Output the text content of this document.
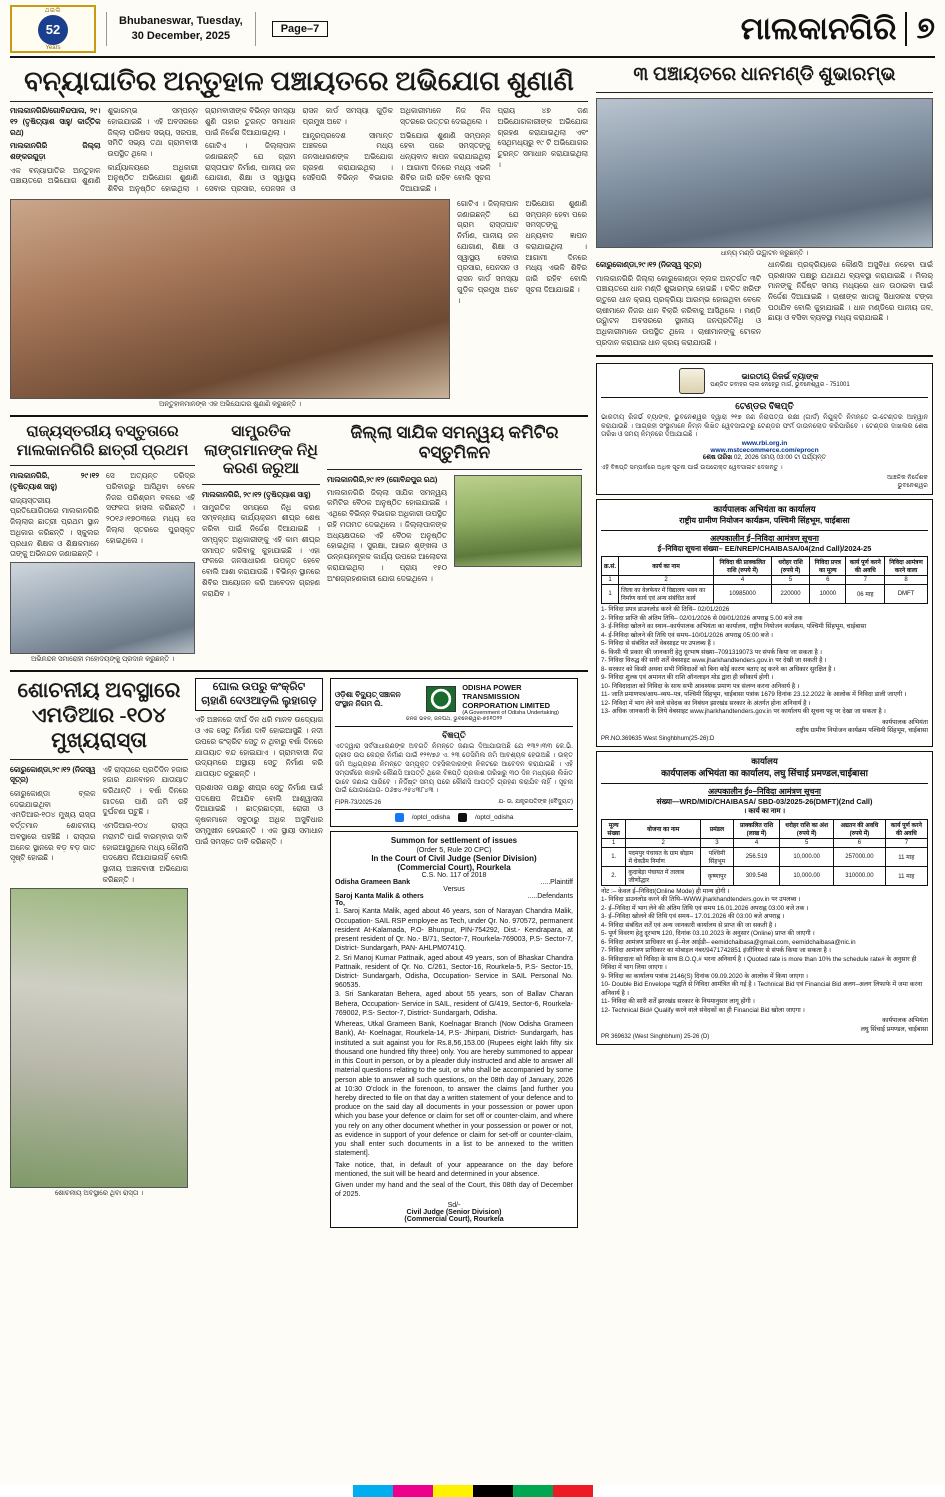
ଥଇଲି
52
Years
Bhubaneswar, Tuesday,
30 December, 2025
Page–7	ମାଲକାନଗିରି ୭
ବନ୍ୟାଘାତିର ଅନ୍ତୁହାଳ ପଞ୍ଚାୟତରେ ଅଭିଯୋଗ ଶୁଣାଣି

ମାଲକାନଗିରି/ଗୋବିନ୍ଦପାଲ, ୨୯।୧୨ (ତୃଷିତ୍ୟାଶ ସାହୁ/ କାର୍ତ୍ତିକ ରଥ)

ମାଲକାନଗିରି ଜିଲ୍ଲା ଶଙ୍କରଗୁଡ଼ା

ଏକ ବନ୍ୟାଘାତିର ଅନ୍ତୁହାଳ ପଞ୍ଚାୟତରେ ଅଭିଯୋଗ ଶୁଣାଣି ଶୁଭାରମ୍ଭ ସମ୍ପନ୍ନ ହୋଇଯାଇଛି । ଏହି ଅବସରରେ ଜିଲ୍ଲା ପରିଷଦ ସଭ୍ୟ, ସରପଞ୍ଚ, ସମିତି ସଭ୍ୟ ତଥା ଗ୍ରାମବାସୀ ଉପସ୍ଥିତ ଥିଲେ ।

କାର୍ଯ୍ୟାଳୟରେ ଅଧିକାରୀ ଅନୁଷ୍ଠିତ ଅଭିଯୋଗ ଶୁଣାଣି ଶିବିର ଅନୁଷ୍ଠିତ ହୋଇଥିଲା । ଗ୍ରାମବାସୀଙ୍କ ବିଭିନ୍ନ ସମସ୍ୟା ଶୁଣି ତାହାର ତୁରନ୍ତ ସମାଧାନ ପାଇଁ ନିର୍ଦ୍ଦେଶ ଦିଆଯାଇଥିଲା ।

ଗୋଟିଏ । ଜିଲ୍ଲାପାଳ ଜଣାଇଛନ୍ତି ଯେ ଗ୍ରାମ ରାସ୍ତାଘାଟ ନିର୍ମାଣ, ପାନୀୟ ଜଳ ଯୋଗାଣ, ଶିକ୍ଷା ଓ ସ୍ୱାସ୍ଥ୍ୟ ସେବାର ପ୍ରସାର, ପେନସନ ଓ ରାସନ କାର୍ଡ ସମସ୍ୟା ଗୁଡ଼ିକ ପ୍ରମୁଖ ଅଟେ ।

ଆନ୍ଧ୍ରପ୍ରଦେଶ ସୀମାନ୍ତ ଅଞ୍ଚଳରେ ମଧ୍ୟ ଜନସାଧାରଣଙ୍କ ଅଭିଯୋଗ ଗ୍ରହଣ କରାଯାଇଥିଲା । ସେହିପରି ବିଭିନ୍ନ ବିଭାଗର ଅଧିକାରୀମାନେ ନିଜ ନିଜ ସ୍ତରରେ ଉତ୍ତର ଦେଇଥିଲେ ।

ଅଭିଯୋଗ ଶୁଣାଣି ସମ୍ପନ୍ନ ହେବା ପରେ ସମସ୍ତଙ୍କୁ ଧନ୍ୟବାଦ ଜ୍ଞାପନ କରାଯାଇଥିଲା । ଆଗାମୀ ଦିନରେ ମଧ୍ୟ ଏଭଳି ଶିବିର ଜାରି ରହିବ ବୋଲି ସୂଚନା ଦିଆଯାଇଛି ।

ପ୍ରାୟ ୪୭ ଜଣ ଅଭିଯୋଗକାରୀଙ୍କ ଅଭିଯୋଗ ଗ୍ରହଣ କରାଯାଇଥିଲା ଏବଂ ସେଥିମଧ୍ୟରୁ ୧୯ ଟି ଅଭିଯୋଗର ତୁରନ୍ତ ସମାଧାନ କରାଯାଇଥିଲା ।

ଅନ୍ତୁହାଳମାନଙ୍କ ଏକ ଅଭିଯୋଗର ଶୁଣାଣି କରୁଛନ୍ତି ।

ଗୋଟିଏ । ଜିଲ୍ଲାପାଳ ଜଣାଇଛନ୍ତି ଯେ ଗ୍ରାମ ରାସ୍ତାଘାଟ ନିର୍ମାଣ, ପାନୀୟ ଜଳ ଯୋଗାଣ, ଶିକ୍ଷା ଓ ସ୍ୱାସ୍ଥ୍ୟ ସେବାର ପ୍ରସାର, ପେନସନ ଓ ରାସନ କାର୍ଡ ସମସ୍ୟା ଗୁଡ଼ିକ ପ୍ରମୁଖ ଅଟେ ।

ଅଭିଯୋଗ ଶୁଣାଣି ସମ୍ପନ୍ନ ହେବା ପରେ ସମସ୍ତଙ୍କୁ ଧନ୍ୟବାଦ ଜ୍ଞାପନ କରାଯାଇଥିଲା । ଆଗାମୀ ଦିନରେ ମଧ୍ୟ ଏଭଳି ଶିବିର ଜାରି ରହିବ ବୋଲି ସୂଚନା ଦିଆଯାଇଛି ।

ରାଜ୍ୟସ୍ତରୀୟ ବସ୍ତୁତାରେ ମାଲକାନଗିରି ଛାତ୍ରୀ ପ୍ରଥମ

ମାଲକାନଗିରି, ୨୯।୧୨ (ତୃଷିତ୍ୟାଶ ସାହୁ)

ରାଜ୍ୟସ୍ତରୀୟ ପ୍ରତିଯୋଗିତାରେ ମାଲକାନଗିରି ଜିଲ୍ଲାର ଛାତ୍ରୀ ପ୍ରଥମ ସ୍ଥାନ ଅଧିକାର କରିଛନ୍ତି । ସ୍କୁଲର ପ୍ରଧାନ ଶିକ୍ଷକ ଓ ଶିକ୍ଷକମାନେ ତାଙ୍କୁ ଅଭିନନ୍ଦନ ଜଣାଇଛନ୍ତି ।

ସେ ଅତ୍ୟନ୍ତ ଦରିଦ୍ର ପରିବାରରୁ ଆସିଥିବା ବେଳେ ନିଜର ପରିଶ୍ରମ ବଳରେ ଏହି ସଫଳତା ହାସଲ କରିଛନ୍ତି । ୨୦୧୬।୧୭୦୩ରେ ମଧ୍ୟ ସେ ଜିଲ୍ଲା ସ୍ତରରେ ପୁରସ୍କୃତ ହୋଇଥିଲେ ।

ଅଭିନନ୍ଦନ ସମାରୋହୀ ମହୋଦୟଙ୍କୁ ପ୍ରଦାନ କରୁଛନ୍ତି ।
ସାମ୍ପ୍ରତିକ ଲାଙ୍ଗମାନଙ୍କ ନିଧି କରଣ ଜରୁଆ

ମାଲକାନଗିରି, ୨୯।୧୨ (ତୃଷିତ୍ୟାଶ ସାହୁ)

ସାମ୍ପ୍ରତିକ ସମୟରେ ନିଧି କରଣ ସମ୍ବନ୍ଧୀୟ କାର୍ଯ୍ୟକ୍ରମ ଶୀଘ୍ର ଶେଷ କରିବା ପାଇଁ ନିର୍ଦ୍ଦେଶ ଦିଆଯାଇଛି । ସମ୍ପୃକ୍ତ ଅଧିକାରୀଙ୍କୁ ଏହି କାମ ଶୀଘ୍ର ସମାପ୍ତ କରିବାକୁ କୁହାଯାଇଛି । ଏହା ଫଳରେ ଜନସାଧାରଣ ଉପକୃତ ହେବେ ବୋଲି ଆଶା କରାଯାଉଛି । ବିଭିନ୍ନ ସ୍ଥାନରେ ଶିବିର ଆୟୋଜନ କରି ଆବେଦନ ଗ୍ରହଣ କରାଯିବ ।

ଜିଲ୍ଲା ସାଯିକ ସମନ୍ୱୟ କମିଟିର ବସ୍ତୁମିଳନ

ମାଲକାନଗିରି,୨୯।୧୨ (ଗୋବିନ୍ଦପୁର ରଥ)

ମାଲକାନଗିରି ଜିଲ୍ଲା ସାଯିକ ସମନ୍ୱୟ କମିଟିର ବୈଠକ ଅନୁଷ୍ଠିତ ହୋଇଯାଇଛି । ଏଥିରେ ବିଭିନ୍ନ ବିଭାଗର ଅଧିକାରୀ ଉପସ୍ଥିତ ରହି ମତାମତ ଦେଇଥିଲେ । ଜିଲ୍ଲାପାଳଙ୍କ ଅଧ୍ୟକ୍ଷତାରେ ଏହି ବୈଠକ ଅନୁଷ୍ଠିତ ହୋଇଥିଲା । ସୁରକ୍ଷା, ଆଇନ ଶୃଙ୍ଖଳା ଓ ଉନ୍ନୟନମୂଳକ କାର୍ଯ୍ୟ ଉପରେ ଆଲୋଚନା କରାଯାଇଥିଲା । ପ୍ରାୟ ୧୫୦ ଅଂଶଗ୍ରହଣକାରୀ ଯୋଗ ଦେଇଥିଲେ ।

ଶୋଚନୀୟ ଅବସ୍ଥାରେ ଏମଡିଆର -୧୦୪ ମୁଖ୍ୟରାସ୍ତା

କୋରୁକୋଣ୍ଡା,୨୯।୧୨ (ନିଜସ୍ୱ ସୂତ୍ର)

କୋରୁକୋଣ୍ଡା ବ୍ଲକ ଦେଇଯାଇଥିବା ଏମଡିଆର-୧୦୪ ମୁଖ୍ୟ ରାସ୍ତା ବର୍ତ୍ତମାନ ଶୋଚନୀୟ ଅବସ୍ଥାରେ ପହଞ୍ଚିଛି । ରାସ୍ତାର ଅନେକ ସ୍ଥାନରେ ବଡ଼ ବଡ଼ ଗାତ ସୃଷ୍ଟି ହୋଇଛି ।

ଏହି ରାସ୍ତାରେ ପ୍ରତିଦିନ ହଜାର ହଜାର ଯାନବାହନ ଯାତାୟାତ କରିଥାନ୍ତି । ବର୍ଷା ଦିନରେ ଗାତରେ ପାଣି ଜମି ରହି ଦୁର୍ଘଟଣା ଘଟୁଛି ।

ଏମଡିଆର-୧୦୪ ରାସ୍ତା ମରାମତି ପାଇଁ ବାରମ୍ବାର ଦାବି ହୋଇଆସୁଥିଲେ ମଧ୍ୟ କୌଣସି ପଦକ୍ଷେପ ନିଆଯାଇନାହିଁ ବୋଲି ସ୍ଥାନୀୟ ଅଞ୍ଚଳବାସୀ ଅଭିଯୋଗ କରିଛନ୍ତି ।

ଶୋଚନୀୟ ଅବସ୍ଥାରେ ଥିବା ରାସ୍ତା ।
ଘୋଲ ଉପରୁ କଂକ୍ରିଟ ଚାହାଣି ଦେଓଆଡ଼ଲି ଲୁହାଗଡ଼

ଏହି ଅଞ୍ଚଳରେ ଦୀର୍ଘ ଦିନ ଧରି ମାନବ ଉଦ୍ୟୋଗ ଓ ଏକ ସେତୁ ନିର୍ମାଣ ଦାବି ହୋଇଆସୁଛି । ନଦୀ ଉପରେ କଂକ୍ରିଟ ସେତୁ ନ ଥିବାରୁ ବର୍ଷା ଦିନରେ ଯାତାୟାତ ବନ୍ଦ ହୋଇଯାଏ । ଗ୍ରାମବାସୀ ନିଜ ଉଦ୍ୟମରେ ଅସ୍ଥାୟୀ ସେତୁ ନିର୍ମାଣ କରି ଯାତାୟାତ କରୁଛନ୍ତି ।

ପ୍ରଶାସନ ପକ୍ଷରୁ ଶୀଘ୍ର ସେତୁ ନିର୍ମାଣ ପାଇଁ ପଦକ୍ଷେପ ନିଆଯିବ ବୋଲି ଆଶ୍ୱାସନା ଦିଆଯାଇଛି । ଛାତ୍ରଛାତ୍ରୀ, ରୋଗୀ ଓ କୃଷକମାନେ ସବୁଠାରୁ ଅଧିକ ଅସୁବିଧାର ସମ୍ମୁଖୀନ ହେଉଛନ୍ତି । ଏକ ସ୍ଥାୟୀ ସମାଧାନ ପାଇଁ ସମସ୍ତେ ଦାବି କରିଛନ୍ତି ।

ଓଡ଼ିଶା ବିଦ୍ୟୁତ୍ ସଞ୍ଚାଳନ ସଂସ୍ଥାନ ନିଗମ ଲି.
ODISHA POWER TRANSMISSION CORPORATION LIMITED
(A Government of Odisha Undertaking)
ଜନଜ ଭବନ, ଜନପଥ, ଭୁବନେଶ୍ୱର-୭୫୧୦୨୨
ବିଜ୍ଞପ୍ତି
ଏତଦ୍ଦ୍ୱାରା ସର୍ବସାଧାରଣଙ୍କ ଅବଗତି ନିମନ୍ତେ ଜଣାଇ ଦିଆଯାଉଅଛି ଯେ ୧୩୨।୩୩ କେ.ଭି. ଗ୍ରୀଡ ଉପ କେନ୍ଦ୍ର ନିର୍ମାଣ ପାଇଁ ୧୨୧/୭୬ ଏ. ୨୩ ଡେସିମିଲ ଜମି ଆବଶ୍ୟକ ହେଉଅଛି । ଉକ୍ତ ଜମି ଅଧିଗ୍ରହଣ ନିମନ୍ତେ ସମ୍ପୃକ୍ତ ତହସିଲଦାରଙ୍କ ନିକଟରେ ଆବେଦନ କରାଯାଇଛି । ଏହି ସମ୍ପର୍କରେ କାହାରି କୌଣସି ଆପତ୍ତି ଥିଲେ ବିଜ୍ଞପ୍ତି ପ୍ରକାଶ ତାରିଖରୁ ୩୦ ଦିନ ମଧ୍ୟରେ ଲିଖିତ ଭାବେ ଜଣାଇ ପାରିବେ । ନିର୍ଦ୍ଦିଷ୍ଟ ସମୟ ପରେ କୌଣସି ଆପତ୍ତି ଗ୍ରହଣ କରାଯିବ ନାହିଁ । ସୂଚନା ପାଇଁ ଯୋଗାଯୋଗ- ୦୬୭୪-୨୫୪୩୮୪୩ ।
FIPR-73/2025-26	ଯ- ଉ. ଯନ୍ତ୍ରପତିଙ୍କ (ବୈଦ୍ୟୁତ)
/optcl_odisha	/optcl_odisha
Summon for settlement of issues
(Order 5, Rule 20 CPC)
In the Court of Civil Judge (Senior Division)
(Commercial Court), Rourkela
C.S. No. 117 of 2018
Odisha Grameen Bank	.....Plaintiff
Versus
Saroj Kanta Malik & others	.....Defendants
To,
1. Saroj Kanta Malik, aged about 46 years, son of Narayan Chandra Malik, Occupation- SAIL RSP employee as Tech, under Qr. No. 970572, permanent resident At-Kalamada, P.O- Bhunpur, PIN-754292, Dist.- Kendrapara, at present resident of Qr. No.- B/71, Sector-7, Rourkela-769003, P.S- Sector-7, District- Sundargarh, PAN- AHLPM0741Q.
2. Sri Manoj Kumar Pattnaik, aged about 49 years, son of Bhaskar Chandra Pattnaik, resident of Qr. No. C/261, Sector-16, Rourkela-5, P.S- Sector-15, District- Sundargarh, Odisha, Occupation- Service in SAIL Personal No. 960535.
3. Sri Sankaratan Behera, aged about 55 years, son of Ballav Charan Behera, Occupation- Service in SAIL, resident of G/419, Sector-6, Rourkela-769002, P.S- Sector-7, District- Sundargarh, Odisha.
Whereas, Utkal Grameen Bank, Koelnagar Branch (Now Odisha Grameen Bank), At- Koelnagar, Rourkela-14, P.S- Jhirpani, District- Sundargarh, has instituted a suit against you for Rs.8,56,153.00 (Rupees eight lakh fifty six thousand one hundred fifty three) only. You are hereby summoned to appear in this Court in person, or by a pleader duly instructed and able to answer all material questions relating to the suit, or who shall be accompanied by some person able to answer all such questions, on the 08th day of January, 2026 at 10:30 O'clock in the forenoon, to answer the claims [and further you hereby directed to file on that day a written statement of your defence and to produce on the said day all documents in your possession or power upon which you base your defence or claim for set off or counter-claim, and where you rely on any other document whether in your possession or power or not, as evidence in support of your defence or claim for set-off or counter-claim, you shall enter such documents in a list to be annexed to the written statement].
Take notice, that, in default of your appearance on the day before mentioned, the suit will be heard and determined in your absence.
Given under my hand and the seal of the Court, this 08th day of December of 2025.
Sd/-
Civil Judge (Senior Division)
(Commercial Court), Rourkela
୩ ପଞ୍ଚାୟତରେ ଧାନମଣ୍ଡି ଶୁଭାରମ୍ଭ
ଧାନ୍ୟ ମଣ୍ଡି ଉଦ୍ଘାଟନ କରୁଛନ୍ତି ।

କୋରୁକୋଣ୍ଡା,୨୯।୧୨ (ନିଜସ୍ୱ ସୂତ୍ର)

ମାଲକାନଗିରି ଜିଲ୍ଲା କୋରୁକୋଣ୍ଡା ବ୍ଲକ ଅନ୍ତର୍ଗତ ୩ଟି ପଞ୍ଚାୟତରେ ଧାନ ମଣ୍ଡି ଶୁଭାରମ୍ଭ ହୋଇଛି । ଚଳିତ ଖରିଫ ଋତୁରେ ଧାନ କ୍ରୟ ପ୍ରକ୍ରିୟା ଆରମ୍ଭ ହୋଇଥିବା ବେଳେ ଚାଷୀମାନେ ନିଜର ଧାନ ବିକ୍ରି କରିବାକୁ ଆସିଥିଲେ । ମଣ୍ଡି ଉଦ୍ଘାଟନ ଅବସରରେ ସ୍ଥାନୀୟ ଜନପ୍ରତିନିଧି ଓ ଅଧିକାରୀମାନେ ଉପସ୍ଥିତ ଥିଲେ । ଚାଷୀମାନଙ୍କୁ ଟୋକନ ପ୍ରଦାନ କରାଯାଇ ଧାନ କ୍ରୟ କରାଯାଉଛି ।

ଧାନକିଣା ପ୍ରକ୍ରିୟାରେ କୌଣସି ଅସୁବିଧା ନହେବା ପାଇଁ ପ୍ରଶାସନ ପକ୍ଷରୁ ଯଥାଯଥ ବ୍ୟବସ୍ଥା କରାଯାଇଛି । ମିଲର୍ ମାନଙ୍କୁ ନିର୍ଦ୍ଦିଷ୍ଟ ସମୟ ମଧ୍ୟରେ ଧାନ ଉଠାଇବା ପାଇଁ ନିର୍ଦ୍ଦେଶ ଦିଆଯାଇଛି । ଚାଷୀଙ୍କ ଖାତାକୁ ସିଧାସଳଖ ଟଙ୍କା ପଠାଯିବ ବୋଲି କୁହାଯାଇଛି । ଧାନ ମଣ୍ଡିରେ ପାନୀୟ ଜଳ, ଛାୟା ଓ ବସିବା ବ୍ୟବସ୍ଥା ମଧ୍ୟ କରାଯାଇଛି ।

ଭାରତୀୟ ରିଜର୍ଭ ବ୍ୟାଙ୍କ
ପଣ୍ଡିତ ଜବାହର ଲାଲ ନେହେରୁ ମାର୍ଗ, ଭୁବନେଶ୍ୱର - 751001
ଟେଣ୍ଡର ବିଜ୍ଞପ୍ତି
ଭାରତୀୟ ରିଜର୍ଭ ବ୍ୟାଙ୍କ, ଭୁବନେଶ୍ୱର ଦ୍ୱାରା ୨୧୭ ଜଣ ନିରାପତ୍ତା ରକ୍ଷୀ (ଗାର୍ଡ) ନିଯୁକ୍ତି ନିମନ୍ତେ ଇ-ଟେଣ୍ଡର ଆହ୍ୱାନ କରାଯାଉଛି । ଆଗ୍ରହୀ ସଂସ୍ଥାମାନେ ନିମ୍ନ ଲିଖିତ ୱେବସାଇଟରୁ ଟେଣ୍ଡର ଫର୍ମ ଡାଉନଲୋଡ କରିପାରିବେ । ଟେଣ୍ଡର ଦାଖଲର ଶେଷ ତାରିଖ ଓ ସମୟ ନିମ୍ନରେ ଦିଆଯାଇଛି ।
www.rbi.org.in
www.mstcecommerce.com/eprocn
ଶେଷ ତାରିଖ 02, 2026 ସମୟ 03:00 ଟା ପର୍ଯ୍ୟନ୍ତ
ଏହି ବିଜ୍ଞପ୍ତି ସମ୍ପର୍କରେ ଅଧିକ ସୂଚନା ପାଇଁ ଉପରୋକ୍ତ ୱେବସାଇଟ ଦେଖନ୍ତୁ ।
ଆଞ୍ଚଳିକ ନିର୍ଦ୍ଦେଶକ
ଭୁବନେଶ୍ୱର
कार्यपालक अभियंता का कार्यालय
राष्ट्रीय ग्रामीण नियोजन कार्यक्रम, पश्चिमी सिंहभूम, चाईबासा
अल्पकालीन ई–निविदा आमंत्रण सूचना
ई–निविदा सूचना संख्या– EE/NREP/CHAIBASA/04(2nd Call)/2024-25
क्र.सं.	कार्य का नाम	निविदा की प्राक्कलित राशि (रुपये में)	धरोहर राशि (रुपये में)	निविदा प्रपत्र का मूल्य	कार्य पूर्ण करने की अवधि	निविदा आमंत्रण करने वाला
1	2	4	5	6	7	8
1	जिला का वेलफेयर में विद्यालय भवन का निर्माण कार्य एवं अन्य संबंधित कार्य	10985000	220000	10000	06 माह	DMFT
1- निविदा प्रपत्र डाउनलोड करने की तिथि– 02/01/2026
2- निविदा प्राप्ति की अंतिम तिथि– 02/01/2026 से 09/01/2026 अपराह्न 5.00 बजे तक
3- ई-निविदा खोलने का स्थान–कार्यपालक अभियंता का कार्यालय, राष्ट्रीय नियोजन कार्यक्रम, पश्चिमी सिंहभूम, चाईबासा
4- ई-निविदा खोलने की तिथि एवं समय–10/01/2026 अपराह्न 05:00 बजे ।
5- निविदा से संबंधित शर्तें वेबसाइट पर उपलब्ध हैं ।
6- किसी भी प्रकार की जानकारी हेतु दूरभाष संख्या–7091319073 पर संपर्क किया जा सकता है ।
7- निविदा विरुद्ध की सारी शर्तें वेबसाइट www.jharkhandtenders.gov.in पर देखी जा सकती है ।
8- सरकार को किसी अथवा सभी निविदाओं को बिना कोई कारण बताए रद्द करने का अधिकार सुरक्षित है ।
9- निविदा शुल्क एवं अमानत की राशि ऑनलाइन मोड द्वारा ही स्वीकार्य होगी ।
10- निविदादाता को निविदा के साथ सभी आवश्यक प्रमाण पत्र संलग्न करना अनिवार्य है ।
11- जाति प्रमाणपत्र/आय–व्यय–पत्र, पश्चिमी सिंहभूम, चाईबासा पत्रांक 1679 दिनांक 23.12.2022 के आलोक में निविदा डाली जाएगी ।
12- निविदा में भाग लेने वाले संवेदक का निबंधन झारखंड सरकार के अंतर्गत होना अनिवार्य है ।
13- अधिक जानकारी के लिये वेबसाइट www.jharkhandtenders.gov.in पर कार्यालय की सूचना पट्ट पर देखा जा सकता है ।
कार्यपालक अभियंता
राष्ट्रीय ग्रामीण नियोजन कार्यक्रम पश्चिमी सिंहभूम, चाईबासा
PR.NO.369635 West Singhbhum(25-26):D
कार्यालय
कार्यपालक अभियंता का कार्यालय, लघु सिंचाई प्रमण्डल,चाईबासा
अल्पकालीन ई०–निविदा आमंत्रण सूचना
संख्या—WRD/MID/CHAIBASA/ SBD-03/2025-26(DMFT)(2nd Call)
। कार्य का नाम ।
मूल्य संख्या	योजना का नाम	प्रमंडल	प्राक्कलित राशि (लाख में)	धरोहर राशि का अंश (रुपये में)	अद्यतन की अवधि (रुपये में)	कार्य पूर्ण करने की अवधि
1	2	3	4	5	6	7
1.	पदमपुर पंचायत के ग्राम बोड़ाम में चेकडैम निर्माण	पश्चिमी सिंहभूम	256.519	10,000.00	257000.00	11 माह
2.	कुदाबेड़ा पंचायत में तालाब जीर्णोद्धार	कृष्णापुर	309.548	10,000.00	310000.00	11 माह
नोट :– केवल ई–निविदा(Online Mode) ही मान्य होगी ।
1- निविदा डाउनलोड करने की तिथि–WWW.jharkhandtenders.gov.in पर उपलब्ध ।
2- ई–निविदा में भाग लेने की अंतिम तिथि एवं समय 16.01.2026 अपराह्न 03:00 बजे तक ।
3- ई–निविदा खोलने की तिथि एवं समय– 17.01.2026 की 03:00 बजे अपराह्न ।
4- निविदा संबंधित शर्तें एवं अन्य जानकारी कार्यालय से प्राप्त की जा सकती है ।
5- पूर्ण विवरण हेतु दूरभाष 120, दिनांक 03.10.2023 के अनुसार (Online) प्राप्त की जाएगी ।
6- निविदा आमंत्रण प्राधिकार का ई–मेल आईडी– eemidchaibasa@gmail.com, eemidchaibasa@nic.in
7- निविदा आमंत्रण प्राधिकार का मोबाइल नंबर/9471742851 इंजीनियर से संपर्क किया जा सकता है ।
8- निविदादाता को निविदा के साथ B.O.Q.# भरना अनिवार्य है । Quoted rate is more than 10% the schedule rate# के अनुसार ही निविदा में भाग लिया जाएगा ।
9- निविदा का कार्यालय पत्रांक 2146(S) दिनांक 09.09.2020 के आलोक में किया जाएगा ।
10- Double Bid Envelope पद्धति से निविदा आमंत्रित की गई है । Technical Bid एवं Financial Bid अलग–अलग लिफाफे में जमा करना अनिवार्य है ।
11- निविदा की सारी शर्तें झारखंड सरकार के नियमानुसार लागू होंगी ।
12- Technical Bid# Qualify करने वाले संवेदकों का ही Financial Bid खोला जाएगा ।
कार्यपालक अभियंता
लघु सिंचाई प्रमण्डल, चाईबासा
PR 369632 (West Singhbhum) 25-26 (D)
